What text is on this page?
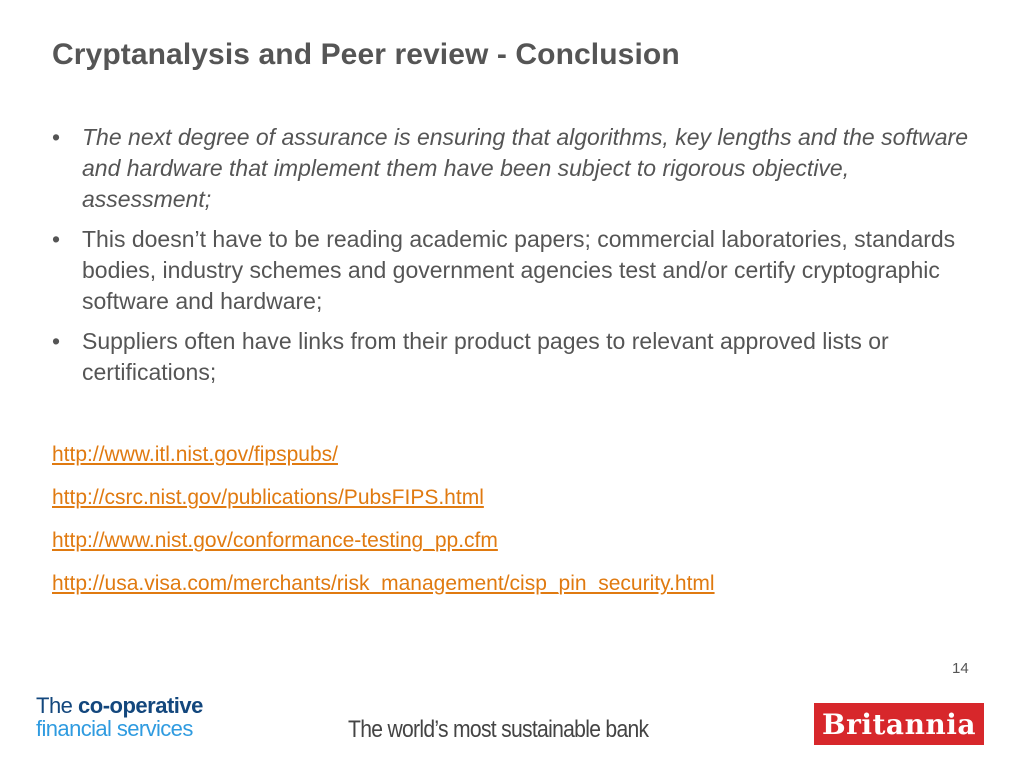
Cryptanalysis and Peer review - Conclusion
• The next degree of assurance is ensuring that algorithms, key lengths and the software and hardware that implement them have been subject to rigorous objective, assessment;
• This doesn’t have to be reading academic papers; commercial laboratories, standards bodies, industry schemes and government agencies test and/or certify cryptographic software and hardware;
• Suppliers often have links from their product pages to relevant approved lists or certifications;
http://www.itl.nist.gov/fipspubs/
http://csrc.nist.gov/publications/PubsFIPS.html
http://www.nist.gov/conformance-testing_pp.cfm
http://usa.visa.com/merchants/risk_management/cisp_pin_security.html
14
The co-operative
financial services	The world’s most sustainable bank	Britannia
